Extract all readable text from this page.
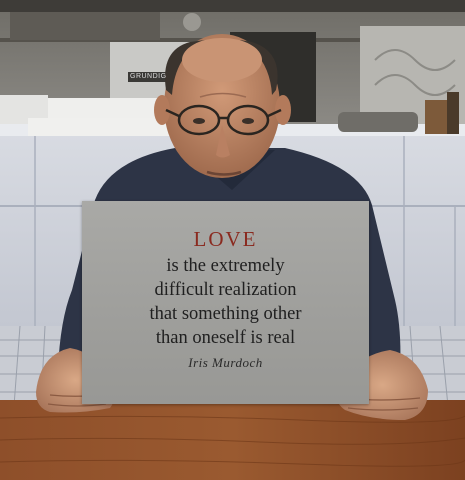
LOVE
is the extremely
difficult realization
that something other
than oneself is real
Iris Murdoch
GRUNDIG
